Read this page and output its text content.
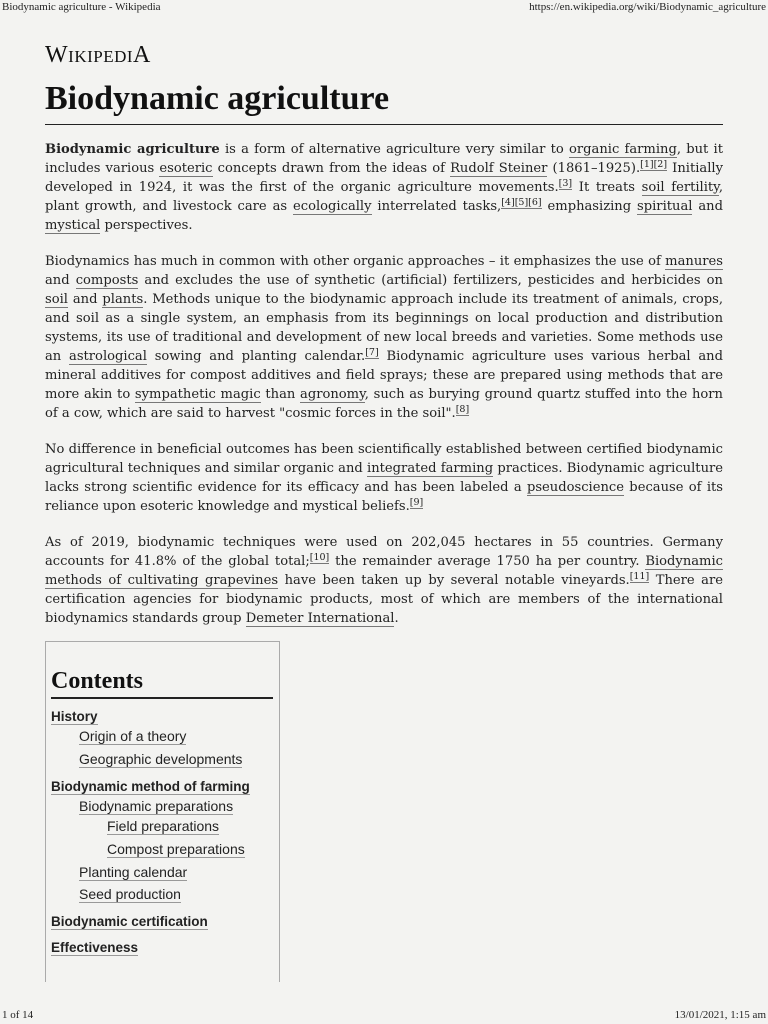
Biodynamic agriculture - Wikipedia	https://en.wikipedia.org/wiki/Biodynamic_agriculture
WikipediA
Biodynamic agriculture

Biodynamic agriculture is a form of alternative agriculture very similar to organic farming, but it includes various esoteric concepts drawn from the ideas of Rudolf Steiner (1861–1925).[1][2] Initially developed in 1924, it was the first of the organic agriculture movements.[3] It treats soil fertility, plant growth, and livestock care as ecologically interrelated tasks,[4][5][6] emphasizing spiritual and mystical perspectives.

Biodynamics has much in common with other organic approaches – it emphasizes the use of manures and composts and excludes the use of synthetic (artificial) fertilizers, pesticides and herbicides on soil and plants. Methods unique to the biodynamic approach include its treatment of animals, crops, and soil as a single system, an emphasis from its beginnings on local production and distribution systems, its use of traditional and development of new local breeds and varieties. Some methods use an astrological sowing and planting calendar.[7] Biodynamic agriculture uses various herbal and mineral additives for compost additives and field sprays; these are prepared using methods that are more akin to sympathetic magic than agronomy, such as burying ground quartz stuffed into the horn of a cow, which are said to harvest "cosmic forces in the soil".[8]

No difference in beneficial outcomes has been scientifically established between certified biodynamic agricultural techniques and similar organic and integrated farming practices. Biodynamic agriculture lacks strong scientific evidence for its efficacy and has been labeled a pseudoscience because of its reliance upon esoteric knowledge and mystical beliefs.[9]

As of 2019, biodynamic techniques were used on 202,045 hectares in 55 countries. Germany accounts for 41.8% of the global total;[10] the remainder average 1750 ha per country. Biodynamic methods of cultivating grapevines have been taken up by several notable vineyards.[11] There are certification agencies for biodynamic products, most of which are members of the international biodynamics standards group Demeter International.

Contents
History
Origin of a theory
Geographic developments
Biodynamic method of farming
Biodynamic preparations
Field preparations
Compost preparations
Planting calendar
Seed production
Biodynamic certification
Effectiveness
1 of 14	13/01/2021, 1:15 am
